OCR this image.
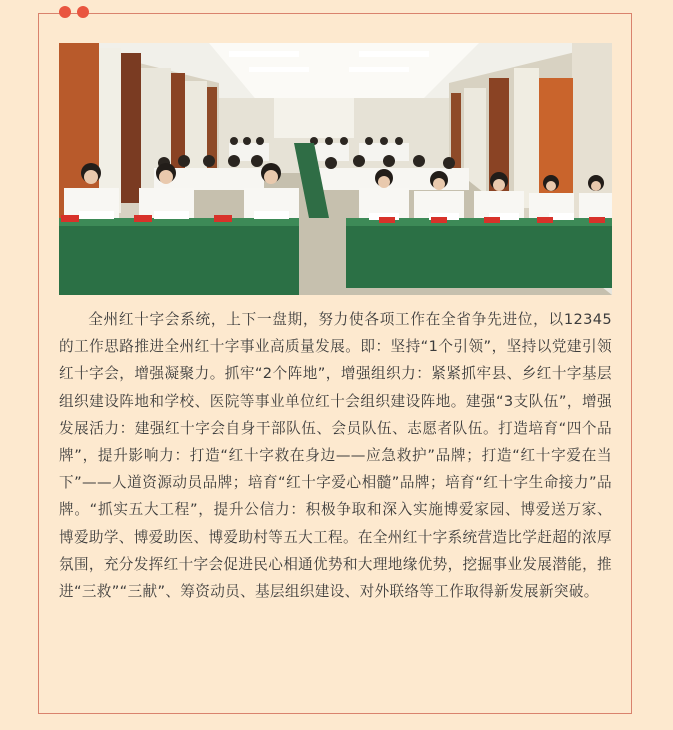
全州红十字会系统，上下一盘期，努力使各项工作在全省争先进位，以12345的工作思路推进全州红十字事业高质量发展。即：坚持“1个引领”，坚持以党建引领红十字会，增强凝聚力。抓牢“2个阵地”，增强组织力：紧紧抓牢县、乡红十字基层组织建设阵地和学校、医院等事业单位红十会组织建设阵地。建强“3支队伍”，增强发展活力：建强红十字会自身干部队伍、会员队伍、志愿者队伍。打造培育“四个品牌”，提升影响力：打造“红十字救在身边——应急救护”品牌；打造“红十字爱在当下”——人道资源动员品牌；培育“红十字爱心相髓”品牌；培育“红十字生命接力”品牌。“抓实五大工程”，提升公信力：积极争取和深入实施博爱家园、博爱送万家、博爱助学、博爱助医、博爱助村等五大工程。在全州红十字系统营造比学赶超的浓厚氛围，充分发挥红十字会促进民心相通优势和大理地缘优势，挖掘事业发展潜能，推进“三救”“三献”、筹资动员、基层组织建设、对外联络等工作取得新发展新突破。
